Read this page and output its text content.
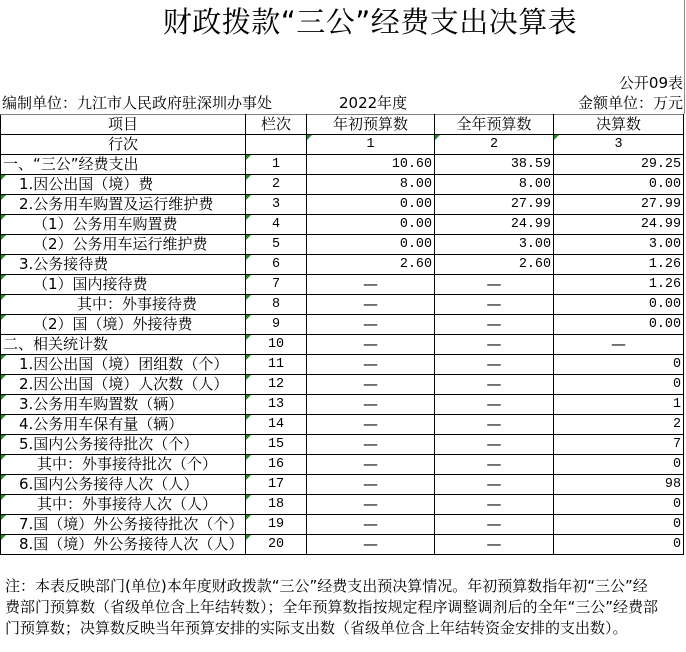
财政拨款“三公”经费支出决算表
公开09表
编制单位：九江市人民政府驻深圳办事处	2022年度	金额单位：万元
项目	栏次	年初预算数	全年预算数	决算数
行次		1	2	3
一、“三公”经费支出	1	10.60	38.59	29.25
1.因公出国（境）费	2	8.00	8.00	0.00
2.公务用车购置及运行维护费	3	0.00	27.99	27.99
（1）公务用车购置费	4	0.00	24.99	24.99
（2）公务用车运行维护费	5	0.00	3.00	3.00
3.公务接待费	6	2.60	2.60	1.26
（1）国内接待费	7	—	—	1.26
其中：外事接待费	8	—	—	0.00
（2）国（境）外接待费	9	—	—	0.00
二、相关统计数	10	—	—	—
1.因公出国（境）团组数（个）	11	—	—	0
2.因公出国（境）人次数（人）	12	—	—	0
3.公务用车购置数（辆）	13	—	—	1
4.公务用车保有量（辆）	14	—	—	2
5.国内公务接待批次（个）	15	—	—	7
其中：外事接待批次（个）	16	—	—	0
6.国内公务接待人次（人）	17	—	—	98
其中：外事接待人次（人）	18	—	—	0
7.国（境）外公务接待批次（个）	19	—	—	0
8.国（境）外公务接待人次（人）	20	—	—	0
注：本表反映部门(单位)本年度财政拨款“三公”经费支出预决算情况。年初预算数指年初“三公”经
费部门预算数（省级单位含上年结转数）；全年预算数指按规定程序调整调剂后的全年“三公”经费部
门预算数；决算数反映当年预算安排的实际支出数（省级单位含上年结转资金安排的支出数）。
